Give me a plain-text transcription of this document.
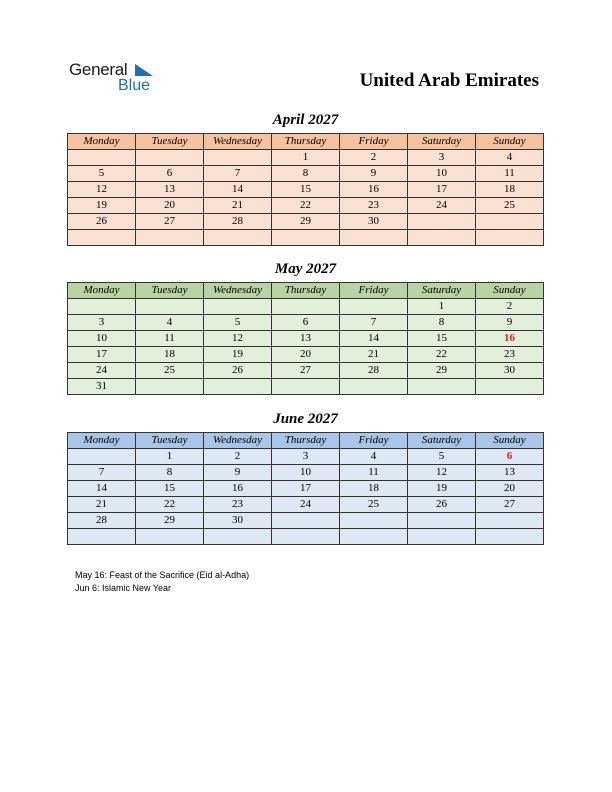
General
Blue	United Arab Emirates
April 2027
Monday	Tuesday	Wednesday	Thursday	Friday	Saturday	Sunday
			1	2	3	4
5	6	7	8	9	10	11
12	13	14	15	16	17	18
19	20	21	22	23	24	25
26	27	28	29	30		

May 2027
Monday	Tuesday	Wednesday	Thursday	Friday	Saturday	Sunday
					1	2
3	4	5	6	7	8	9
10	11	12	13	14	15	16
17	18	19	20	21	22	23
24	25	26	27	28	29	30
31						
June 2027
Monday	Tuesday	Wednesday	Thursday	Friday	Saturday	Sunday
	1	2	3	4	5	6
7	8	9	10	11	12	13
14	15	16	17	18	19	20
21	22	23	24	25	26	27
28	29	30				

May 16: Feast of the Sacrifice (Eid al-Adha)
Jun 6: Islamic New Year
